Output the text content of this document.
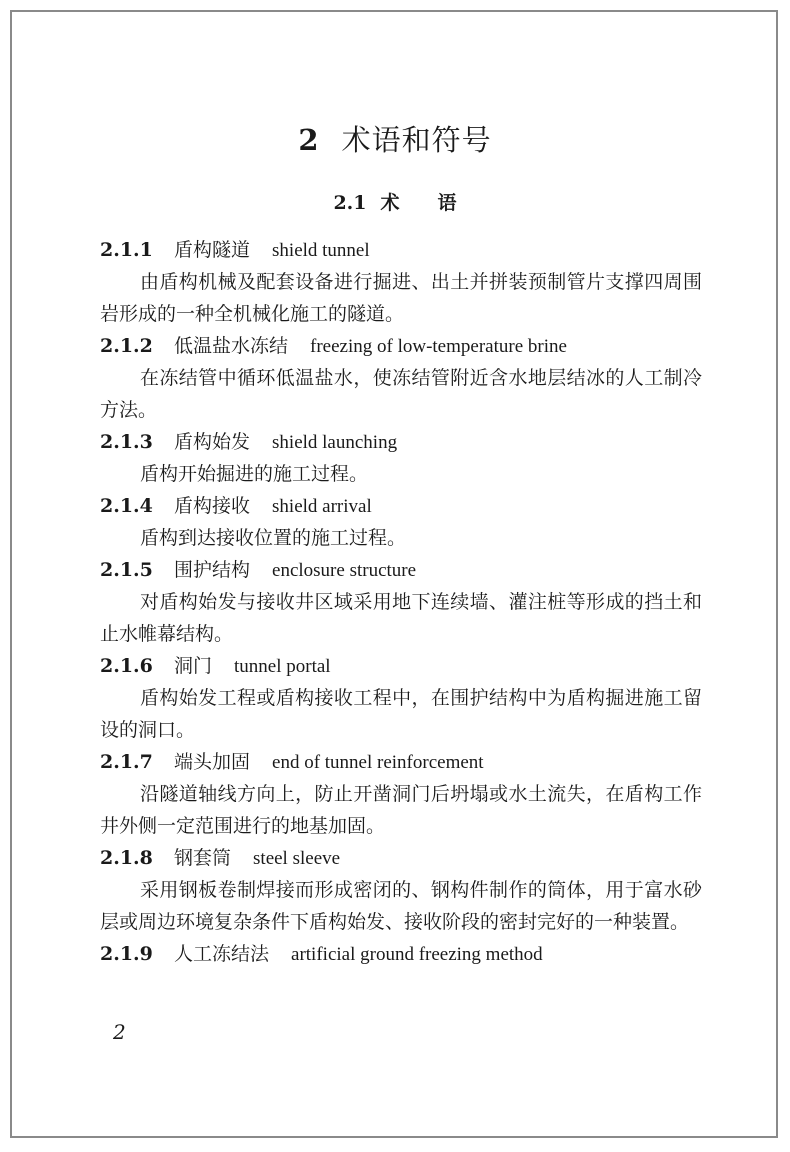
2 术语和符号
2.1 术 语
2.1.1 盾构隧道 shield tunnel

由盾构机械及配套设备进行掘进、出土并拼装预制管片支撑四周围岩形成的一种全机械化施工的隧道。

2.1.2 低温盐水冻结 freezing of low-temperature brine

在冻结管中循环低温盐水，使冻结管附近含水地层结冰的人工制冷方法。

2.1.3 盾构始发 shield launching

盾构开始掘进的施工过程。

2.1.4 盾构接收 shield arrival

盾构到达接收位置的施工过程。

2.1.5 围护结构 enclosure structure

对盾构始发与接收井区域采用地下连续墙、灌注桩等形成的挡土和止水帷幕结构。

2.1.6 洞门 tunnel portal

盾构始发工程或盾构接收工程中，在围护结构中为盾构掘进施工留设的洞口。

2.1.7 端头加固 end of tunnel reinforcement

沿隧道轴线方向上，防止开凿洞门后坍塌或水土流失，在盾构工作井外侧一定范围进行的地基加固。

2.1.8 钢套筒 steel sleeve

采用钢板卷制焊接而形成密闭的、钢构件制作的筒体，用于富水砂层或周边环境复杂条件下盾构始发、接收阶段的密封完好的一种装置。

2.1.9 人工冻结法 artificial ground freezing method
2
